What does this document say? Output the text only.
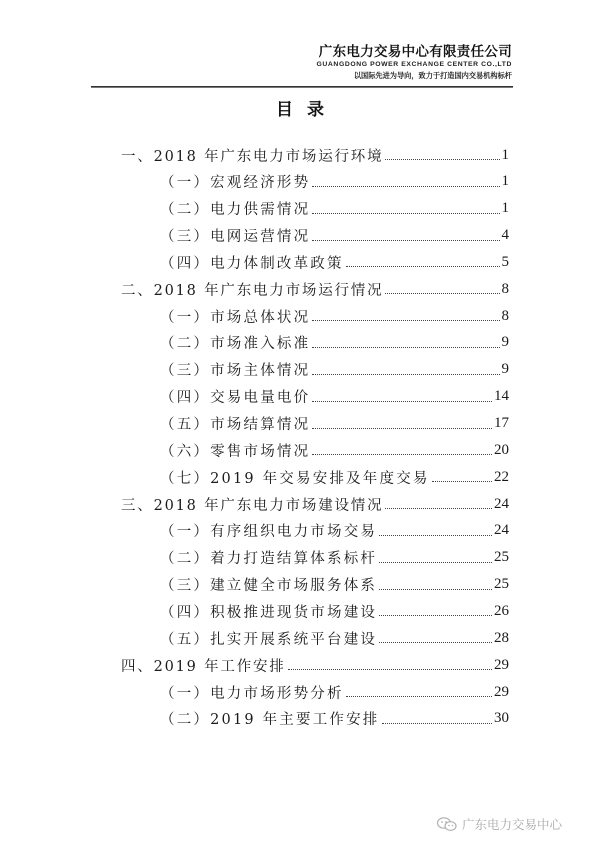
广东电力交易中心有限责任公司
GUANGDONG POWER EXCHANGE CENTER CO.,LTD
以国际先进为导向，致力于打造国内交易机构标杆
目录
一、2018 年广东电力市场运行环境	1
（一）宏观经济形势	1
（二）电力供需情况	1
（三）电网运营情况	4
（四）电力体制改革政策	5
二、2018 年广东电力市场运行情况	8
（一）市场总体状况	8
（二）市场准入标准	9
（三）市场主体情况	9
（四）交易电量电价	14
（五）市场结算情况	17
（六）零售市场情况	20
（七）2019 年交易安排及年度交易	22
三、2018 年广东电力市场建设情况	24
（一）有序组织电力市场交易	24
（二）着力打造结算体系标杆	25
（三）建立健全市场服务体系	25
（四）积极推进现货市场建设	26
（五）扎实开展系统平台建设	28
四、2019 年工作安排	29
（一）电力市场形势分析	29
（二）2019 年主要工作安排	30
广东电力交易中心
